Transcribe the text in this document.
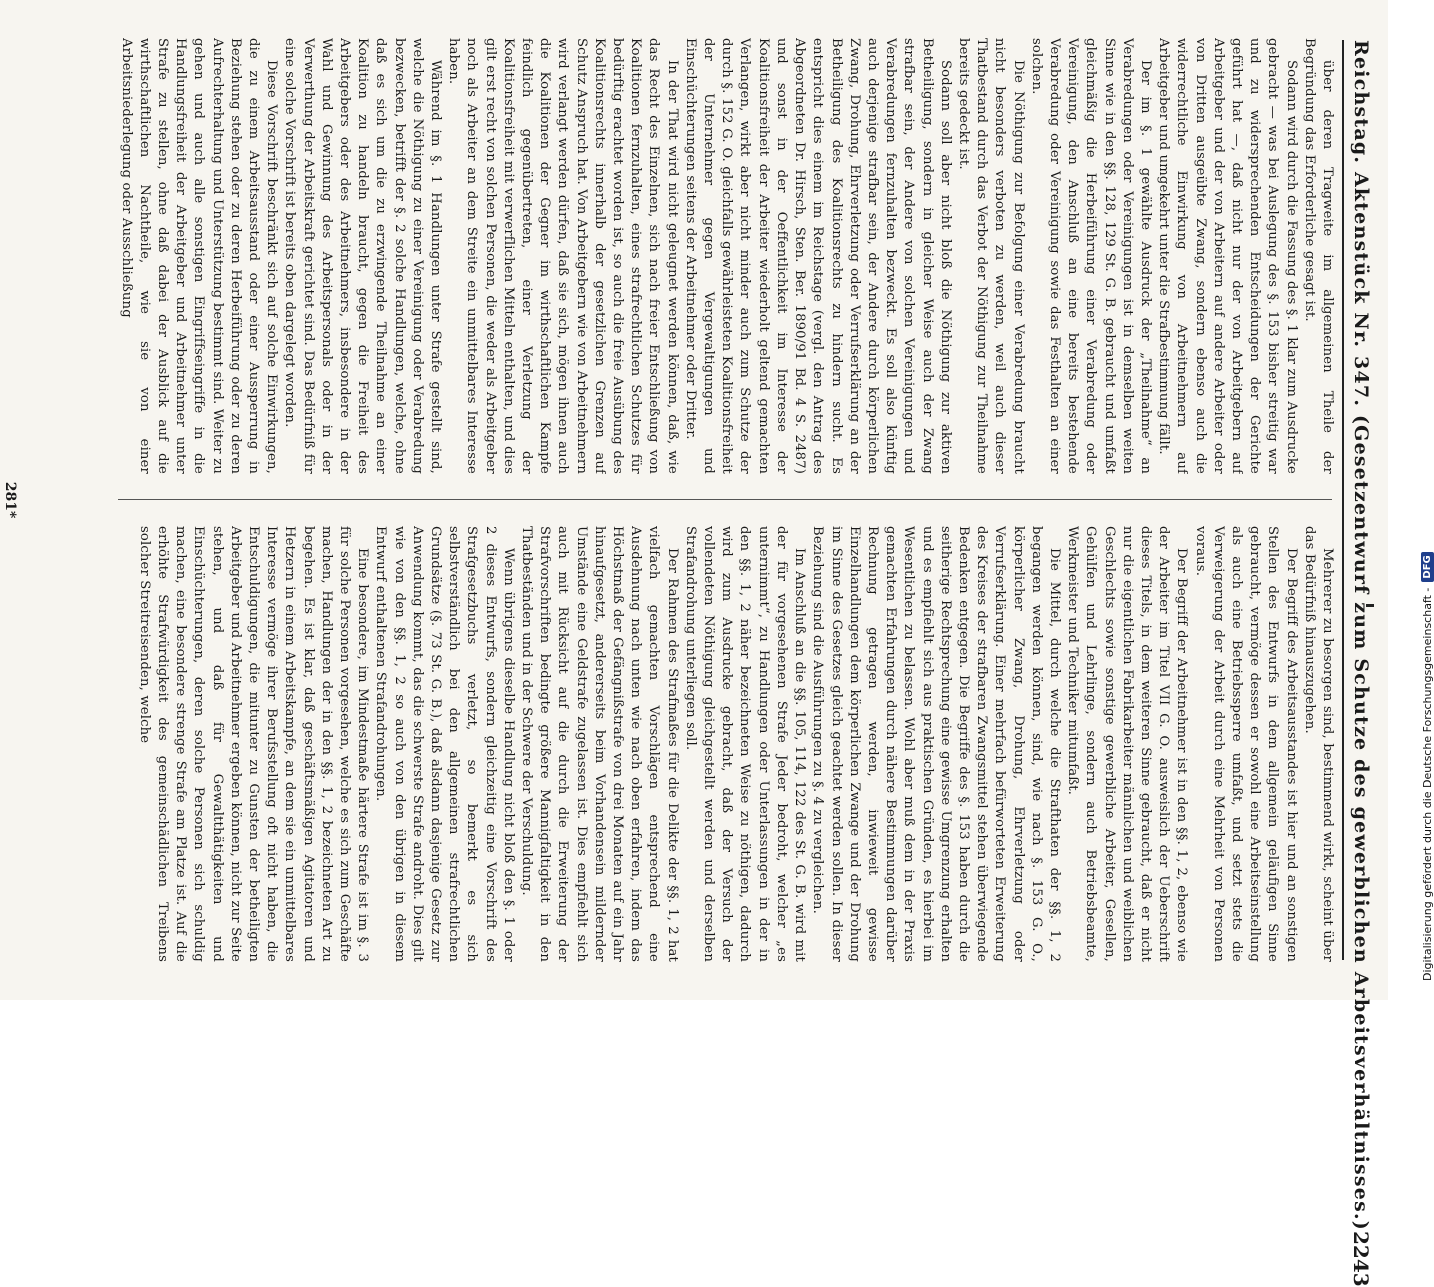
Reichstag. Aktenstück Nr. 347. (Gesetzentwurf zum Schutze des gewerblichen Arbeitsverhältnisses.)
2243

über deren Tragweite im allgemeinen Theile der Begründung das Erforderliche gesagt ist.

Sodann wird durch die Fassung des §. 1 klar zum Ausdrucke gebracht — was bei Auslegung des §. 153 bisher streitig war und zu widersprechenden Entscheidungen der Gerichte geführt hat —, daß nicht nur der von Arbeitgebern auf Arbeitgeber und der von Arbeitern auf andere Arbeiter oder von Dritten ausgeübte Zwang, sondern ebenso auch die widerrechtliche Einwirkung von Arbeitnehmern auf Arbeitgeber und umgekehrt unter die Strafbestimmung fällt.

Der im §. 1 gewählte Ausdruck der „Theilnahme“ an Verabredungen oder Vereinigungen ist in demselben weiten Sinne wie in den §§. 128, 129 St. G. B. gebraucht und umfaßt gleichmäßig die Herbeiführung einer Verabredung oder Vereinigung, den Anschluß an eine bereits bestehende Verabredung oder Vereinigung sowie das Festhalten an einer solchen.

Die Nöthigung zur Befolgung einer Verabredung braucht nicht besonders verboten zu werden, weil auch dieser Thatbestand durch das Verbot der Nöthigung zur Theilnahme bereits gedeckt ist.

Sodann soll aber nicht bloß die Nöthigung zur aktiven Betheiligung, sondern in gleicher Weise auch der Zwang strafbar sein, der Andere von solchen Vereinigungen und Verabredungen fernzuhalten bezweckt. Es soll also künftig auch derjenige strafbar sein, der Andere durch körperlichen Zwang, Drohung, Ehrverletzung oder Verrufserklärung an der Betheiligung des Koalitionsrechts zu hindern sucht. Es entspricht dies einem im Reichstage (vergl. den Antrag des Abgeordneten Dr. Hirsch, Sten. Ber. 1890/91 Bd. 4 S. 2487) und sonst in der Oeffentlichkeit im Interesse der Koalitionsfreiheit der Arbeiter wiederholt geltend gemachten Verlangen, wirkt aber nicht minder auch zum Schutze der durch §. 152 G. O. gleichfalls gewährleisteten Koalitionsfreiheit der Unternehmer gegen Vergewaltigungen und Einschüchterungen seitens der Arbeitnehmer oder Dritter.

In der That wird nicht geleugnet werden können, daß, wie das Recht des Einzelnen, sich nach freier Entschließung von Koalitionen fernzuhalten, eines strafrechtlichen Schutzes für bedürftig erachtet worden ist, so auch die freie Ausübung des Koalitionsrechts innerhalb der gesetzlichen Grenzen auf Schutz Anspruch hat. Von Arbeitgebern wie von Arbeitnehmern wird verlangt werden dürfen, daß sie sich, mögen ihnen auch die Koalitionen der Gegner im wirthschaftlichen Kampfe feindlich gegenübertreten, einer Verletzung der Koalitionsfreiheit mit verwerflichen Mitteln enthalten, und dies gilt erst recht von solchen Personen, die weder als Arbeitgeber noch als Arbeiter an dem Streite ein unmittelbares Interesse haben.

Während im §. 1 Handlungen unter Strafe gestellt sind, welche die Nöthigung zu einer Vereinigung oder Verabredung bezwecken, betrifft der §. 2 solche Handlungen, welche, ohne daß es sich um die zu erzwingende Theilnahme an einer Koalition zu handeln braucht, gegen die Freiheit des Arbeitgebers oder des Arbeitnehmers, insbesondere in der Wahl und Gewinnung des Arbeitspersonals oder in der Verwerthung der Arbeitskraft gerichtet sind. Das Bedürfniß für eine solche Vorschrift ist bereits oben dargelegt worden.

Diese Vorschrift beschränkt sich auf solche Einwirkungen, die zu einem Arbeitsausstand oder einer Aussperrung in Beziehung stehen oder zu deren Herbeiführung oder zu deren Aufrechterhaltung und Unterstützung bestimmt sind. Weiter zu gehen und auch alle sonstigen Eingriffseingriffe in die Handlungsfreiheit der Arbeitgeber und Arbeitnehmer unter Strafe zu stellen, ohne daß dabei der Ausblick auf die wirthschaftlichen Nachtheile, wie sie von einer Arbeitsniederlegung oder Ausschließung

Mehrerer zu besorgen sind, bestimmend wirkt, scheint über das Bedürfniß hinauszugehen.

Der Begriff des Arbeitsausstandes ist hier und an sonstigen Stellen des Entwurfs in dem allgemein geläufigen Sinne gebraucht, vermöge dessen er sowohl eine Arbeitseinstellung als auch eine Betriebssperre umfaßt, und setzt stets die Verweigerung der Arbeit durch eine Mehrheit von Personen voraus.

Der Begriff der Arbeitnehmer ist in den §§. 1, 2, ebenso wie der Arbeiter im Titel VII G. O. ausweislich der Ueberschrift dieses Titels, in dem weiteren Sinne gebraucht, daß er nicht nur die eigentlichen Fabrikarbeiter männlichen und weiblichen Geschlechts sowie sonstige gewerbliche Arbeiter, Gesellen, Gehülfen und Lehrlinge, sondern auch Betriebsbeamte, Werkmeister und Techniker mitumfaßt.

Die Mittel, durch welche die Strafthaten der §§. 1, 2 begangen werden können, sind, wie nach §. 153 G. O., körperlicher Zwang, Drohung, Ehrverletzung oder Verrufserklärung. Einer mehrfach befürworteten Erweiterung des Kreises der strafbaren Zwangsmittel stehen überwiegende Bedenken entgegen. Die Begriffe des §. 153 haben durch die seitherige Rechtsprechung eine gewisse Umgrenzung erhalten und es empfiehlt sich aus praktischen Gründen, es hierbei im Wesentlichen zu belassen. Wohl aber muß dem in der Praxis gemachten Erfahrungen durch nähere Bestimmungen darüber Rechnung getragen werden, inwieweit gewisse Einzelhandlungen dem körperlichen Zwange und der Drohung im Sinne des Gesetzes gleich geachtet werden sollen. In dieser Beziehung sind die Ausführungen zu §. 4 zu vergleichen.

Im Anschluß an die §§. 105, 114, 122 des St. G. B. wird mit der für vorgesehenen Strafe Jeder bedroht, welcher „es unternimmt“, zu Handlungen oder Unterlassungen in der in den §§. 1, 2 näher bezeichneten Weise zu nöthigen, dadurch wird zum Ausdrucke gebracht, daß der Versuch der vollendeten Nöthigung gleichgestellt werden und derselben Strafandrohung unterliegen soll.

Der Rahmen des Strafmaßes für die Delikte der §§. 1, 2 hat vielfach gemachten Vorschlägen entsprechend eine Ausdehnung nach unten wie nach oben erfahren, indem das Höchstmaß der Gefängnißstrafe von drei Monaten auf ein Jahr hinaufgesetzt, andererseits beim Vorhandensein mildernder Umstände eine Geldstrafe zugelassen ist. Dies empfiehlt sich auch mit Rücksicht auf die durch die Erweiterung der Strafvorschriften bedingte größere Mannigfaltigkeit in den Thatbeständen und in der Schwere der Verschuldung.

Wenn übrigens dieselbe Handlung nicht bloß den §. 1 oder 2 dieses Entwurfs, sondern gleichzeitig eine Vorschrift des Strafgesetzbuchs verletzt, so bemerkt es sich selbstverständlich bei den allgemeinen strafrechtlichen Grundsätze (§. 73 St. G. B.), daß alsdann dasjenige Gesetz zur Anwendung kommt, das die schwerste Strafe androht. Dies gilt wie von den §§. 1, 2 so auch von den übrigen in diesem Entwurf enthaltenen Strafandrohungen.

Eine besondere, im Mindestmaße härtere Strafe ist im §. 3 für solche Personen vorgesehen, welche es sich zum Geschäfte machen, Handlungen der in den §§. 1, 2 bezeichneten Art zu begehen. Es ist klar, daß geschäftsmäßigen Agitatoren und Hetzern in einem Arbeitskampfe, an dem sie ein unmittelbares Interesse vermöge ihrer Berufsstellung oft nicht haben, die Entschuldigungen, die mitunter zu Gunsten der betheiligten Arbeitgeber und Arbeitnehmer ergeben können, nicht zur Seite stehen, und daß für Gewaltthätigkeiten und Einschüchterungen, deren solche Personen sich schuldig machen, eine besondere strenge Strafe am Platze ist. Auf die erhöhte Strafwürdigkeit des gemeinschädlichen Treibens solcher Streitreisenden, welche

281*
Digitalisierung gefördert durch die Deutsche Forschungsgemeinschaft -
DFG
